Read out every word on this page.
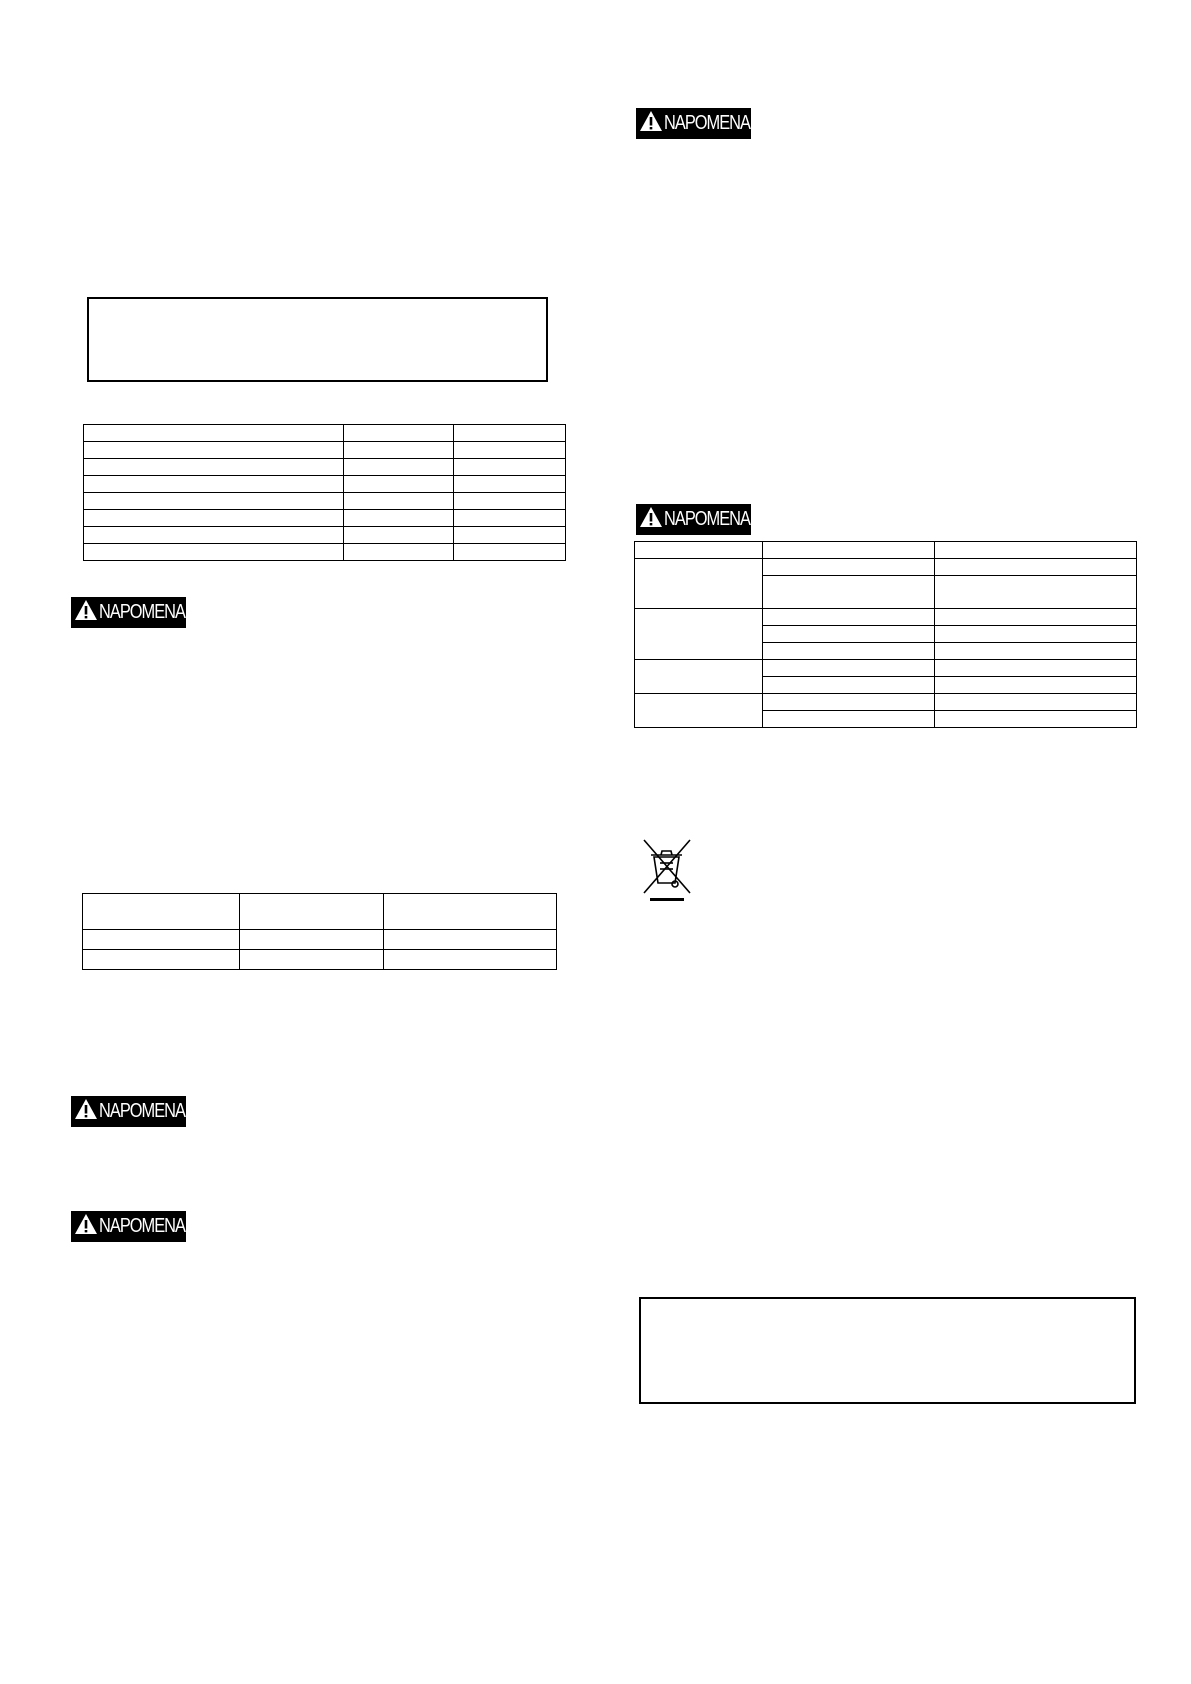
NAPOMENA

NAPOMENA
NAPOMENA
NAPOMENA
NAPOMENA
